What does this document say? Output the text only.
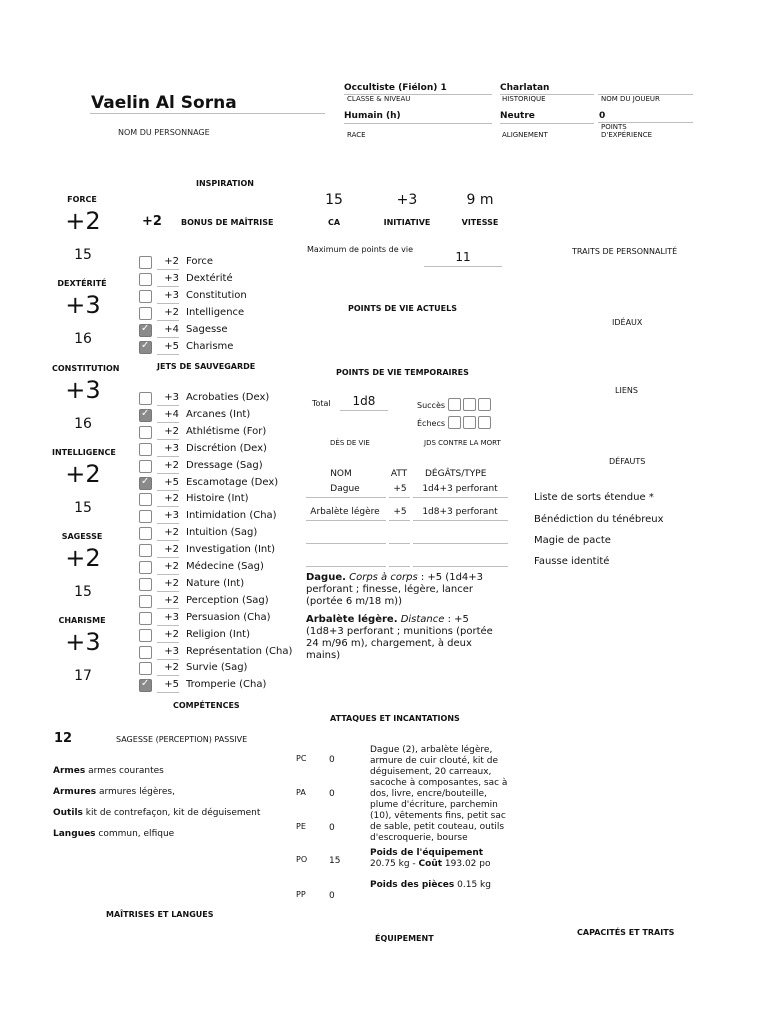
Vaelin Al Sorna
NOM DU PERSONNAGE
Occultiste (Fiélon) 1
CLASSE & NIVEAU
Charlatan
HISTORIQUE	NOM DU JOUEUR
Humain (h)
RACE
Neutre
ALIGNEMENT
0
POINTS
D'EXPÉRIENCE
FORCE
+2
15
DEXTÉRITÉ
+3
16
CONSTITUTION
+3
16
INTELLIGENCE
+2
15
SAGESSE
+2
15
CHARISME
+3
17
INSPIRATION
+2 BONUS DE MAÎTRISE
+2 Force
+3 Dextérité
+3 Constitution
+2 Intelligence
✓
+4 Sagesse
✓
+5 Charisme
JETS DE SAUVEGARDE
+3 Acrobaties (Dex)
✓
+4 Arcanes (Int)
+2 Athlétisme (For)
+3 Discrétion (Dex)
+2 Dressage (Sag)
✓
+5 Escamotage (Dex)
+2 Histoire (Int)
+3 Intimidation (Cha)
+2 Intuition (Sag)
+2 Investigation (Int)
+2 Médecine (Sag)
+2 Nature (Int)
+2 Perception (Sag)
+3 Persuasion (Cha)
+2 Religion (Int)
+3 Représentation (Cha)
+2 Survie (Sag)
✓
+5 Tromperie (Cha)
COMPÉTENCES
12	SAGESSE (PERCEPTION) PASSIVE
Armes armes courantes
Armures armures légères,
Outils kit de contrefaçon, kit de déguisement
Langues commun, elfique
MAÎTRISES ET LANGUES
15
CA
+3
INITIATIVE
9 m
VITESSE
Maximum de points de vie
11
POINTS DE VIE ACTUELS
POINTS DE VIE TEMPORAIRES
Total	1d8
DÉS DE VIE
Succès
Échecs
JDS CONTRE LA MORT
NOM	ATT	DÉGÂTS/TYPE
Dague	+5	1d4+3 perforant
Arbalète légère	+5	1d8+3 perforant
Dague. Corps à corps : +5 (1d4+3 perforant ; finesse, légère, lancer (portée 6 m/18 m))
Arbalète légère. Distance : +5 (1d8+3 perforant ; munitions (portée 24 m/96 m), chargement, à deux mains)
ATTAQUES ET INCANTATIONS
PC	0
PA	0
PE	0
PO 15
PP	0
Dague (2), arbalète légère, armure de cuir clouté, kit de déguisement, 20 carreaux, sacoche à composantes, sac à dos, livre, encre/bouteille, plume d'écriture, parchemin (10), vêtements fins, petit sac de sable, petit couteau, outils d'escroquerie, bourse
Poids de l'équipement
20.75 kg - Coût 193.02 po
Poids des pièces 0.15 kg
ÉQUIPEMENT
TRAITS DE PERSONNALITÉ
IDÉAUX
LIENS
DÉFAUTS
Liste de sorts étendue *
Bénédiction du ténébreux
Magie de pacte
Fausse identité
CAPACITÉS ET TRAITS
